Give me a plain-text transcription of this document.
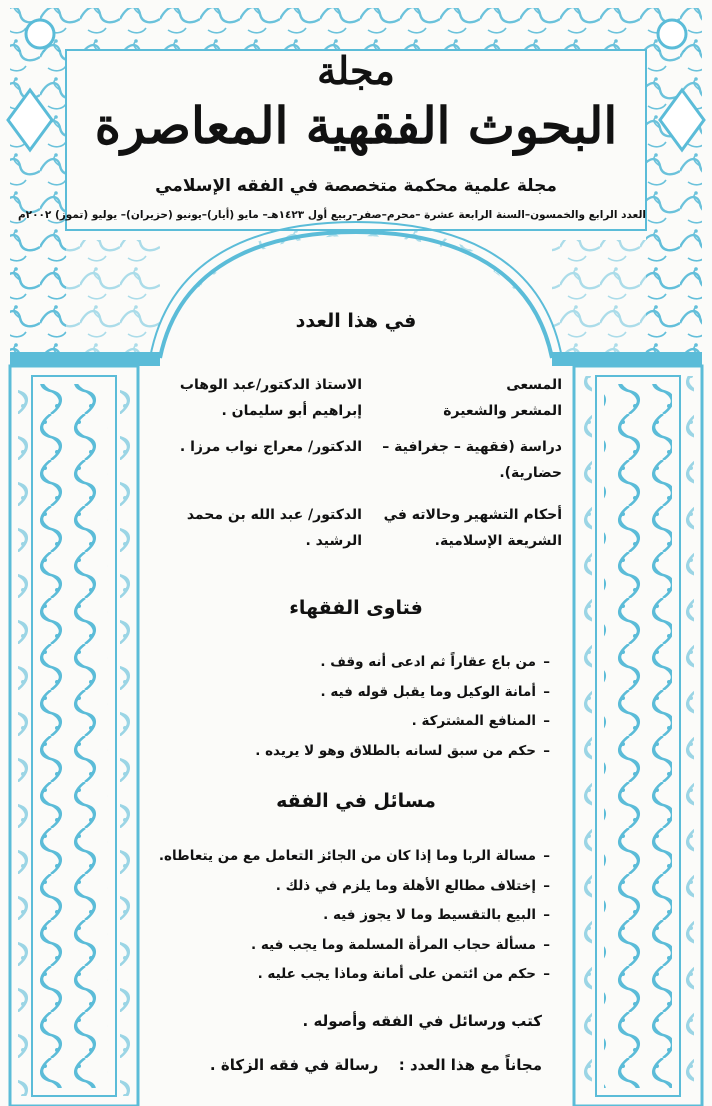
مجلة
البحوث الفقهية المعاصرة
مجلة علمية محكمة متخصصة في الفقه الإسلامي
العدد الرابع والخمسون–السنة الرابعة عشرة –محرم–صفر–ربيع أول ١٤٢٣هـ– مايو (أيار)–يونيو (حزيران)– يوليو (تموز) ٢٠٠٢م
في هذا العدد
المسعى
المشعر والشعيرة
الاستاذ الدكتور/عبد الوهاب
إبراهيم أبو سليمان .
دراسة (فقهية – جغرافية –
حضارية).
الدكتور/ معراج نواب مرزا .
أحكام التشهير وحالاته في
الشريعة الإسلامية.
الدكتور/ عبد الله بن محمد
الرشيد .
فتاوى الفقهاء
–من باع عقاراً ثم ادعى أنه وقف .
–أمانة الوكيل وما يقبل قوله فيه .
–المنافع المشتركة .
–حكم من سبق لسانه بالطلاق وهو لا يريده .
مسائل في الفقه
–مسالة الربا وما إذا كان من الجائز التعامل مع من يتعاطاه.
–إختلاف مطالع الأهلة وما يلزم في ذلك .
–البيع بالتقسيط وما لا يجوز فيه .
–مسألة حجاب المرأة المسلمة وما يجب فيه .
–حكم من ائتمن على أمانة وماذا يجب عليه .
كتب ورسائل في الفقه وأصوله .
مجاناً مع هذا العدد :  رسالة في فقه الزكاة .
